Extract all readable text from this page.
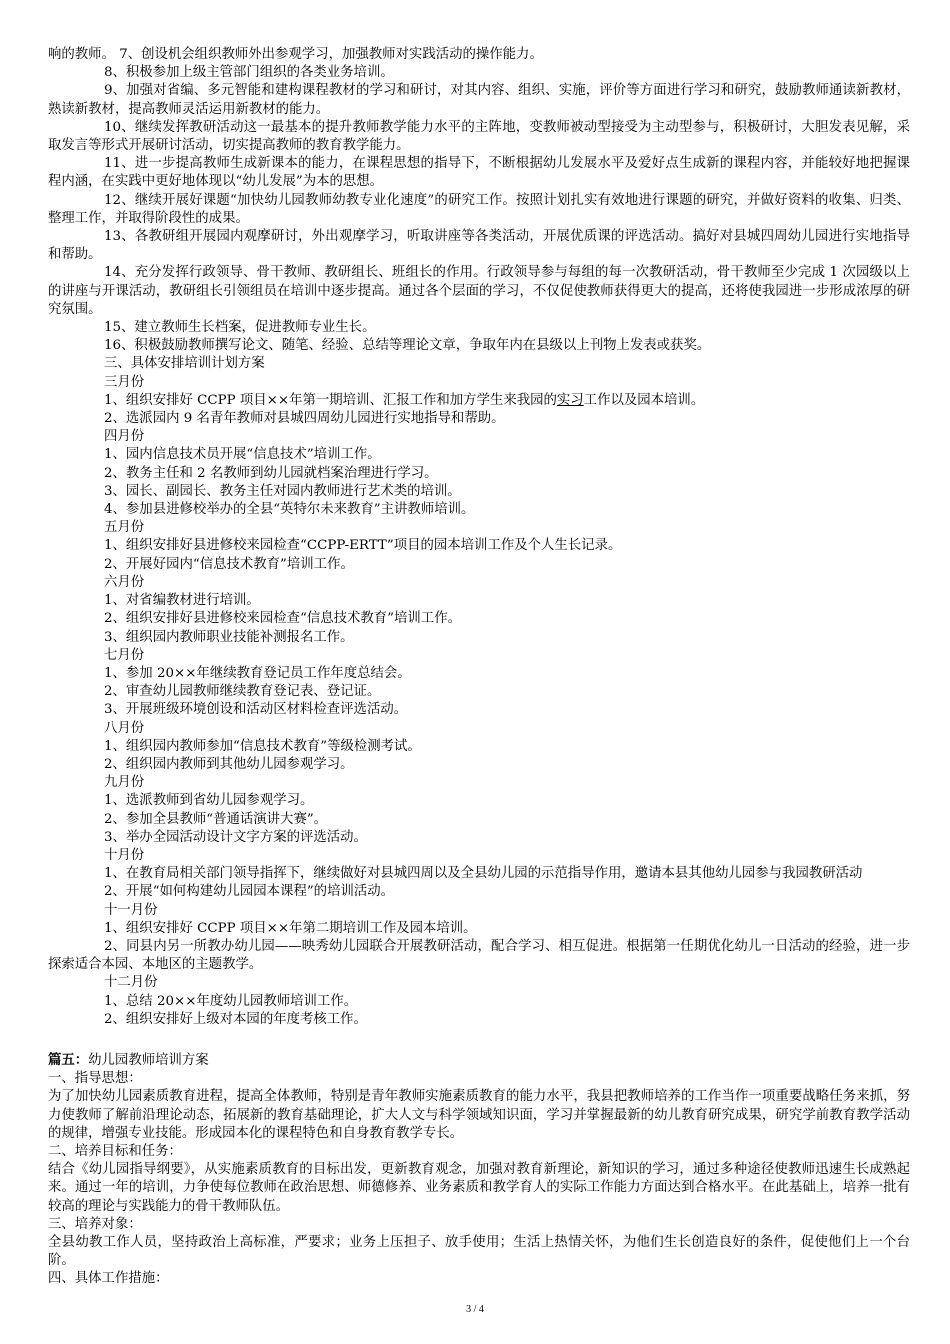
响的教师。 7、创设机会组织教师外出参观学习，加强教师对实践活动的操作能力。

8、积极参加上级主管部门组织的各类业务培训。

9、加强对省编、多元智能和建构课程教材的学习和研讨，对其内容、组织、实施，评价等方面进行学习和研究，鼓励教师通读新教材，熟读新教材，提高教师灵活运用新教材的能力。

10、继续发挥教研活动这一最基本的提升教师教学能力水平的主阵地，变教师被动型接受为主动型参与，积极研讨，大胆发表见解，采取发言等形式开展研讨活动，切实提高教师的教育教学能力。

11、进一步提高教师生成新课本的能力，在课程思想的指导下，不断根据幼儿发展水平及爱好点生成新的课程内容，并能较好地把握课程内涵，在实践中更好地体现以“幼儿发展”为本的思想。

12、继续开展好课题“加快幼儿园教师幼教专业化速度”的研究工作。按照计划扎实有效地进行课题的研究，并做好资料的收集、归类、整理工作，并取得阶段性的成果。

13、各教研组开展园内观摩研讨，外出观摩学习，听取讲座等各类活动，开展优质课的评选活动。搞好对县城四周幼儿园进行实地指导和帮助。

14、充分发挥行政领导、骨干教师、教研组长、班组长的作用。行政领导参与每组的每一次教研活动，骨干教师至少完成 1 次园级以上的讲座与开课活动，教研组长引领组员在培训中逐步提高。通过各个层面的学习，不仅促使教师获得更大的提高，还将使我园进一步形成浓厚的研究氛围。

15、建立教师生长档案，促进教师专业生长。

16、积极鼓励教师撰写论文、随笔、经验、总结等理论文章，争取年内在县级以上刊物上发表或获奖。

三、具体安排培训计划方案

三月份

1、组织安排好 CCPP 项目××年第一期培训、汇报工作和加方学生来我园的实习工作以及园本培训。

2、选派园内 9 名青年教师对县城四周幼儿园进行实地指导和帮助。

四月份

1、园内信息技术员开展“信息技术”培训工作。

2、教务主任和 2 名教师到幼儿园就档案治理进行学习。

3、园长、副园长、教务主任对园内教师进行艺术类的培训。

4、参加县进修校举办的全县“英特尔未来教育”主讲教师培训。

五月份

1、组织安排好县进修校来园检查“CCPP-ERTT”项目的园本培训工作及个人生长记录。

2、开展好园内“信息技术教育”培训工作。

六月份

1、对省编教材进行培训。

2、组织安排好县进修校来园检查“信息技术教育”培训工作。

3、组织园内教师职业技能补测报名工作。

七月份

1、参加 20××年继续教育登记员工作年度总结会。

2、审查幼儿园教师继续教育登记表、登记证。

3、开展班级环境创设和活动区材料检查评选活动。

八月份

1、组织园内教师参加“信息技术教育”等级检测考试。

2、组织园内教师到其他幼儿园参观学习。

九月份

1、选派教师到省幼儿园参观学习。

2、参加全县教师“普通话演讲大赛”。

3、举办全园活动设计文字方案的评选活动。

十月份

1、在教育局相关部门领导指挥下，继续做好对县城四周以及全县幼儿园的示范指导作用，邀请本县其他幼儿园参与我园教研活动

2、开展“如何构建幼儿园园本课程”的培训活动。

十一月份

1、组织安排好 CCPP 项目××年第二期培训工作及园本培训。

2、同县内另一所教办幼儿园——映秀幼儿园联合开展教研活动，配合学习、相互促进。根据第一任期优化幼儿一日活动的经验，进一步探索适合本园、本地区的主题教学。

十二月份

1、总结 20××年度幼儿园教师培训工作。

2、组织安排好上级对本园的年度考核工作。

篇五：幼儿园教师培训方案

一、指导思想：

为了加快幼儿园素质教育进程，提高全体教师，特别是青年教师实施素质教育的能力水平，我县把教师培养的工作当作一项重要战略任务来抓，努力使教师了解前沿理论动态，拓展新的教育基础理论，扩大人文与科学领域知识面，学习并掌握最新的幼儿教育研究成果，研究学前教育教学活动的规律，增强专业技能。形成园本化的课程特色和自身教育教学专长。

二、培养目标和任务：

结合《幼儿园指导纲要》，从实施素质教育的目标出发，更新教育观念，加强对教育新理论，新知识的学习，通过多种途径使教师迅速生长成熟起来。通过一年的培训，力争使每位教师在政治思想、师德修养、业务素质和教学育人的实际工作能力方面达到合格水平。在此基础上，培养一批有较高的理论与实践能力的骨干教师队伍。

三、培养对象：

全县幼教工作人员，坚持政治上高标准，严要求；业务上压担子、放手使用；生活上热情关怀，为他们生长创造良好的条件，促使他们上一个台阶。

四、具体工作措施：

3 / 4
